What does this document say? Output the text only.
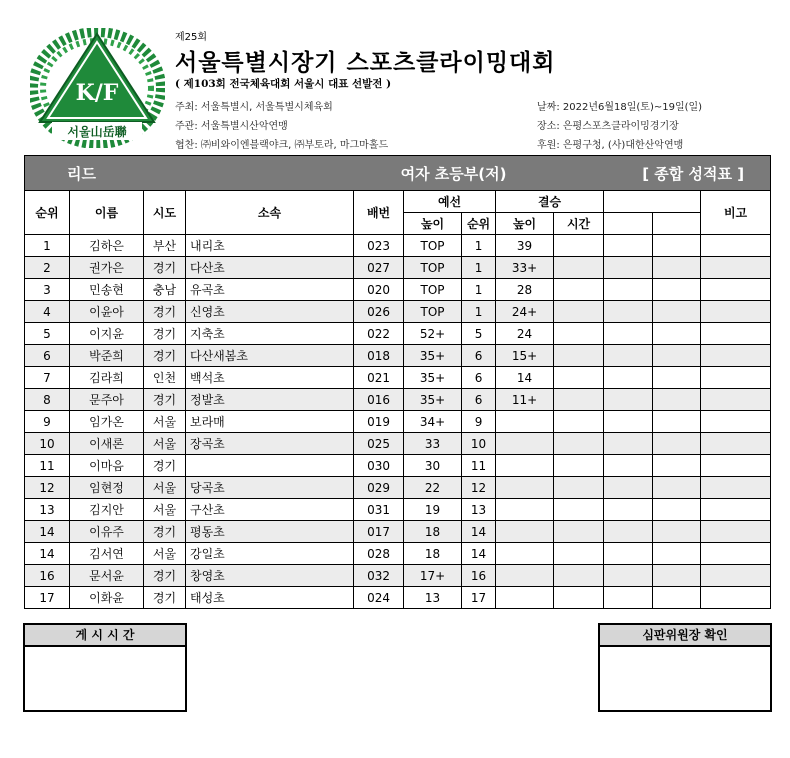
K/F
서울山岳聯
제25회
서울특별시장기 스포츠클라이밍대회
( 제103회 전국체육대회 서울시 대표 선발전 )
주최: 서울특별시, 서울특별시체육회
주관: 서울특별시산악연맹
협찬: ㈜비와이엔블랙야크, ㈜부토라, 마그마홀드
날짜: 2022년6월18일(토)~19일(일)
장소: 은평스포츠클라이밍경기장
후원: 은평구청, (사)대한산악연맹
리드				여자 초등부(저)				[ 종합 성적표 ]			
순위	이름	시도	소속	배번	예선		결승				비고
					높이	순위	높이	시간			
1	김하은	부산	내리초	023	TOP	1	39				
2	권가은	경기	다산초	027	TOP	1	33+				
3	민송현	충남	유곡초	020	TOP	1	28				
4	이윤아	경기	신영초	026	TOP	1	24+				
5	이지윤	경기	지축초	022	52+	5	24				
6	박준희	경기	다산새봄초	018	35+	6	15+				
7	김라희	인천	백석초	021	35+	6	14				
8	문주아	경기	정발초	016	35+	6	11+				
9	임가온	서울	보라매	019	34+	9					
10	이새론	서울	장곡초	025	33	10					
11	이마음	경기		030	30	11					
12	임현정	서울	당곡초	029	22	12					
13	김지안	서울	구산초	031	19	13					
14	이유주	경기	평동초	017	18	14					
14	김서연	서울	강일초	028	18	14					
16	문서윤	경기	창영초	032	17+	16					
17	이화윤	경기	태성초	024	13	17					
게 시 시 간	심판위원장 확인
